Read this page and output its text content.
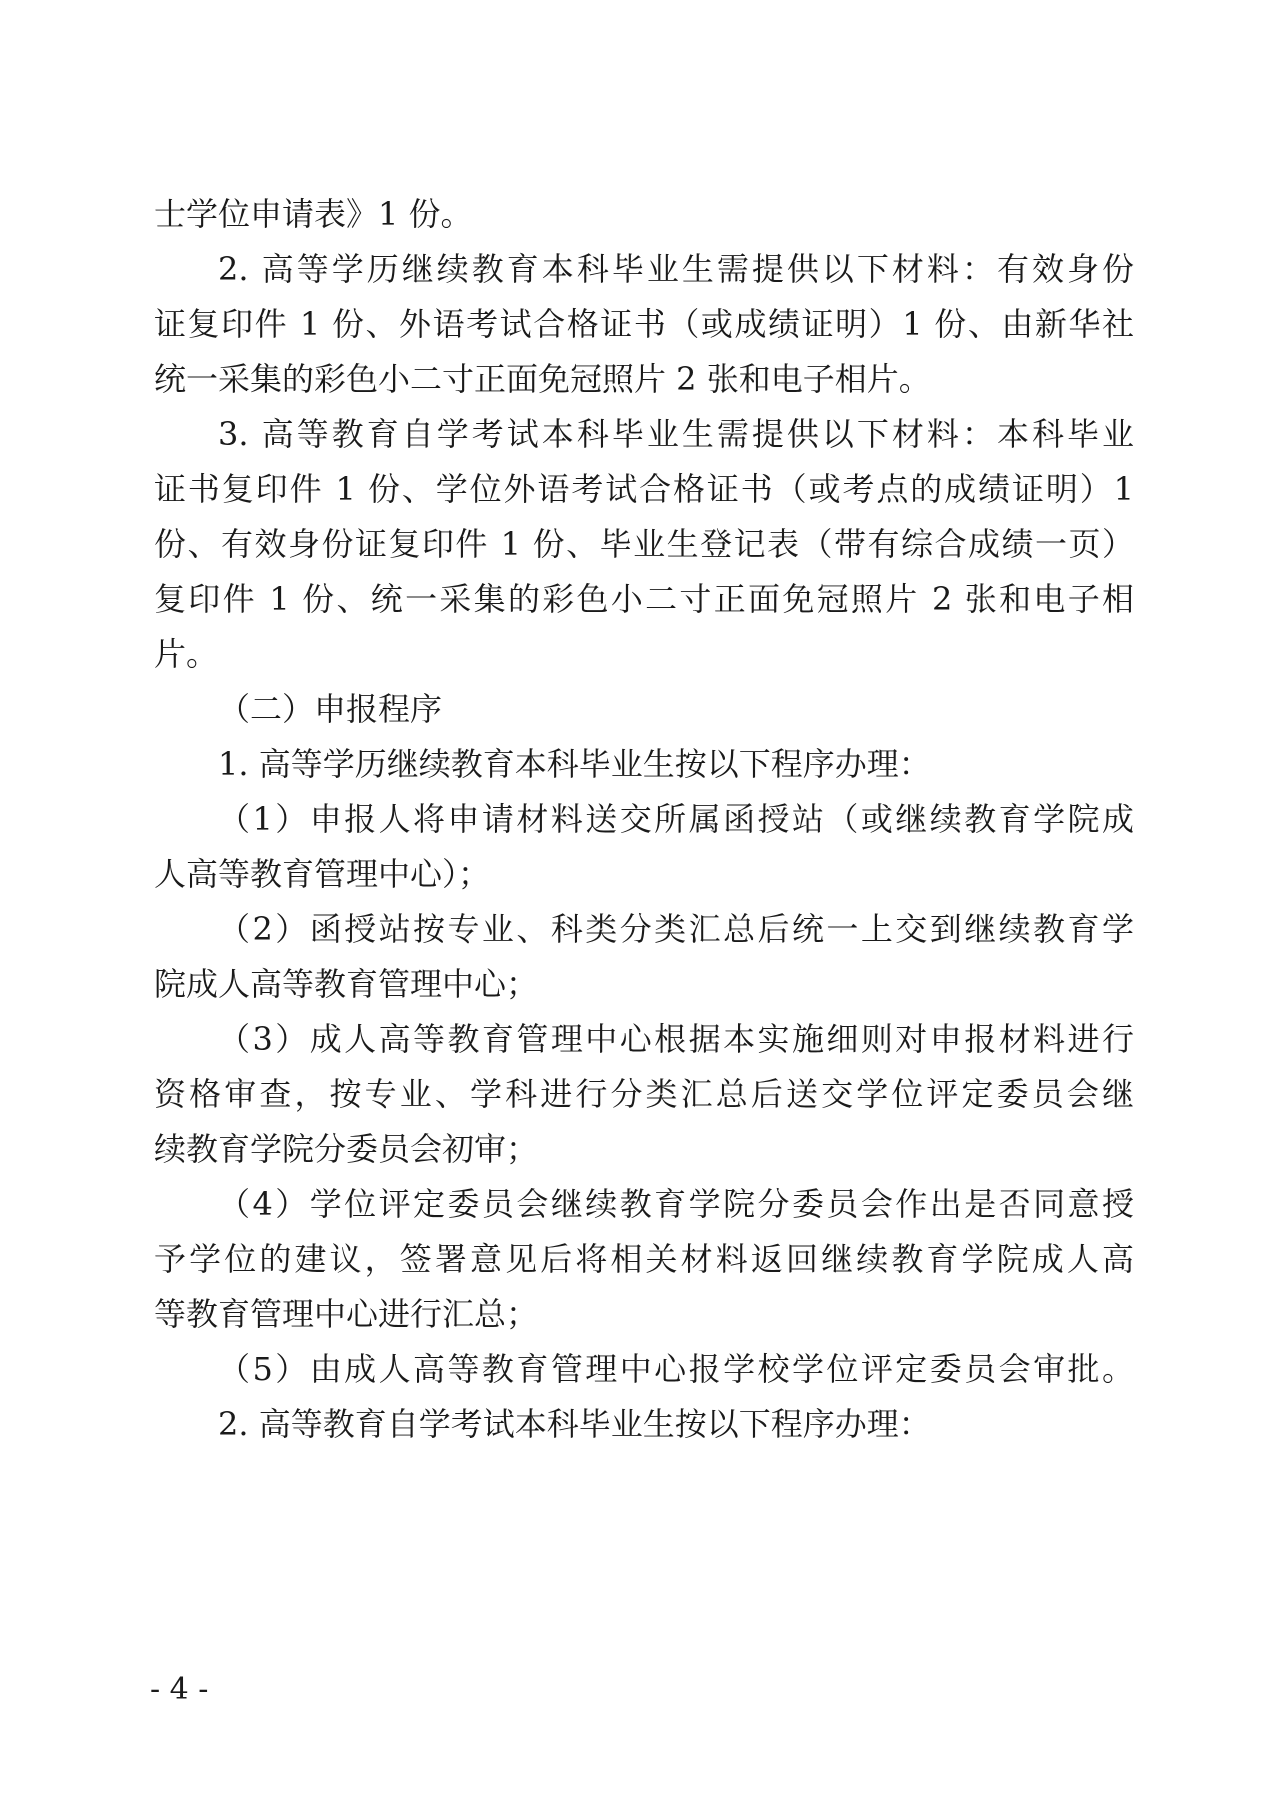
士学位申请表》1 份。

2. 高等学历继续教育本科毕业生需提供以下材料：有效身份

证复印件 1 份、外语考试合格证书（或成绩证明）1 份、由新华社

统一采集的彩色小二寸正面免冠照片 2 张和电子相片。

3. 高等教育自学考试本科毕业生需提供以下材料：本科毕业

证书复印件 1 份、学位外语考试合格证书（或考点的成绩证明）1

份、有效身份证复印件 1 份、毕业生登记表（带有综合成绩一页）

复印件 1 份、统一采集的彩色小二寸正面免冠照片 2 张和电子相

片。

（二）申报程序

1. 高等学历继续教育本科毕业生按以下程序办理：

（1）申报人将申请材料送交所属函授站（或继续教育学院成

人高等教育管理中心）；

（2）函授站按专业、科类分类汇总后统一上交到继续教育学

院成人高等教育管理中心；

（3）成人高等教育管理中心根据本实施细则对申报材料进行

资格审查，按专业、学科进行分类汇总后送交学位评定委员会继

续教育学院分委员会初审；

（4）学位评定委员会继续教育学院分委员会作出是否同意授

予学位的建议，签署意见后将相关材料返回继续教育学院成人高

等教育管理中心进行汇总；

（5）由成人高等教育管理中心报学校学位评定委员会审批。

2. 高等教育自学考试本科毕业生按以下程序办理：

- 4 -
